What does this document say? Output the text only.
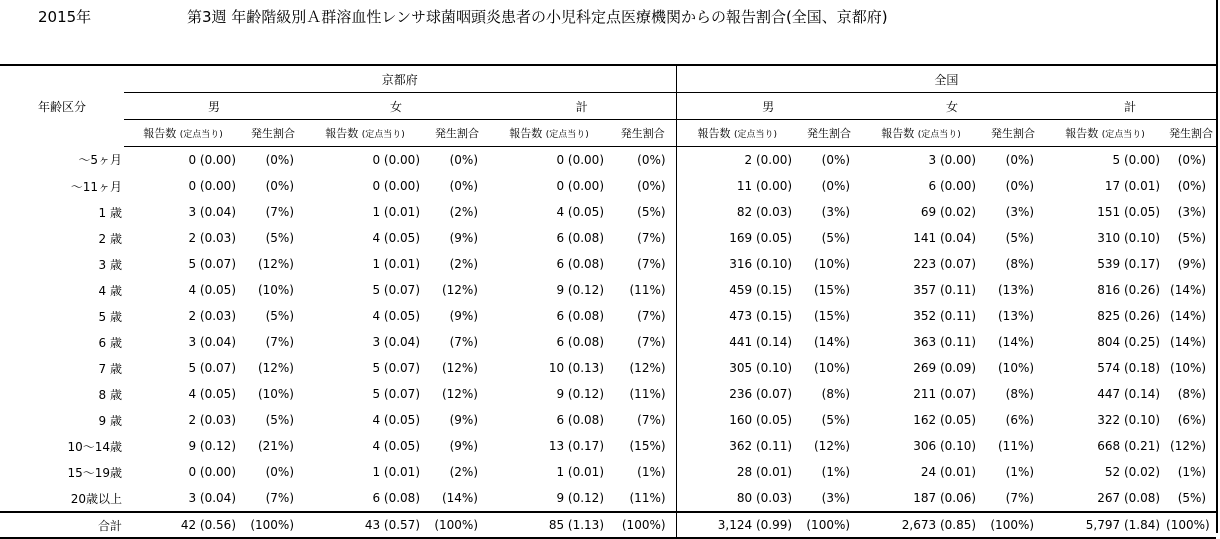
2015年	第3週 年齢階級別Ａ群溶血性レンサ球菌咽頭炎患者の小児科定点医療機関からの報告割合(全国、京都府)
	京都府						全国					
年齢区分	男		女		計		男		女		計	
	報告数 (定点当り)	発生割合	報告数 (定点当り)	発生割合	報告数 (定点当り)	発生割合	報告数 (定点当り)	発生割合	報告数 (定点当り)	発生割合	報告数 (定点当り)	発生割合
～5ヶ月	0 (0.00)	(0%)	0 (0.00)	(0%)	0 (0.00)	(0%)	2 (0.00)	(0%)	3 (0.00)	(0%)	5 (0.00)	(0%)
～11ヶ月	0 (0.00)	(0%)	0 (0.00)	(0%)	0 (0.00)	(0%)	11 (0.00)	(0%)	6 (0.00)	(0%)	17 (0.01)	(0%)
1 歳	3 (0.04)	(7%)	1 (0.01)	(2%)	4 (0.05)	(5%)	82 (0.03)	(3%)	69 (0.02)	(3%)	151 (0.05)	(3%)
2 歳	2 (0.03)	(5%)	4 (0.05)	(9%)	6 (0.08)	(7%)	169 (0.05)	(5%)	141 (0.04)	(5%)	310 (0.10)	(5%)
3 歳	5 (0.07)	(12%)	1 (0.01)	(2%)	6 (0.08)	(7%)	316 (0.10)	(10%)	223 (0.07)	(8%)	539 (0.17)	(9%)
4 歳	4 (0.05)	(10%)	5 (0.07)	(12%)	9 (0.12)	(11%)	459 (0.15)	(15%)	357 (0.11)	(13%)	816 (0.26)	(14%)
5 歳	2 (0.03)	(5%)	4 (0.05)	(9%)	6 (0.08)	(7%)	473 (0.15)	(15%)	352 (0.11)	(13%)	825 (0.26)	(14%)
6 歳	3 (0.04)	(7%)	3 (0.04)	(7%)	6 (0.08)	(7%)	441 (0.14)	(14%)	363 (0.11)	(14%)	804 (0.25)	(14%)
7 歳	5 (0.07)	(12%)	5 (0.07)	(12%)	10 (0.13)	(12%)	305 (0.10)	(10%)	269 (0.09)	(10%)	574 (0.18)	(10%)
8 歳	4 (0.05)	(10%)	5 (0.07)	(12%)	9 (0.12)	(11%)	236 (0.07)	(8%)	211 (0.07)	(8%)	447 (0.14)	(8%)
9 歳	2 (0.03)	(5%)	4 (0.05)	(9%)	6 (0.08)	(7%)	160 (0.05)	(5%)	162 (0.05)	(6%)	322 (0.10)	(6%)
10～14歳	9 (0.12)	(21%)	4 (0.05)	(9%)	13 (0.17)	(15%)	362 (0.11)	(12%)	306 (0.10)	(11%)	668 (0.21)	(12%)
15～19歳	0 (0.00)	(0%)	1 (0.01)	(2%)	1 (0.01)	(1%)	28 (0.01)	(1%)	24 (0.01)	(1%)	52 (0.02)	(1%)
20歳以上	3 (0.04)	(7%)	6 (0.08)	(14%)	9 (0.12)	(11%)	80 (0.03)	(3%)	187 (0.06)	(7%)	267 (0.08)	(5%)
合計	42 (0.56)	(100%)	43 (0.57)	(100%)	85 (1.13)	(100%)	3,124 (0.99)	(100%)	2,673 (0.85)	(100%)	5,797 (1.84)	(100%)
